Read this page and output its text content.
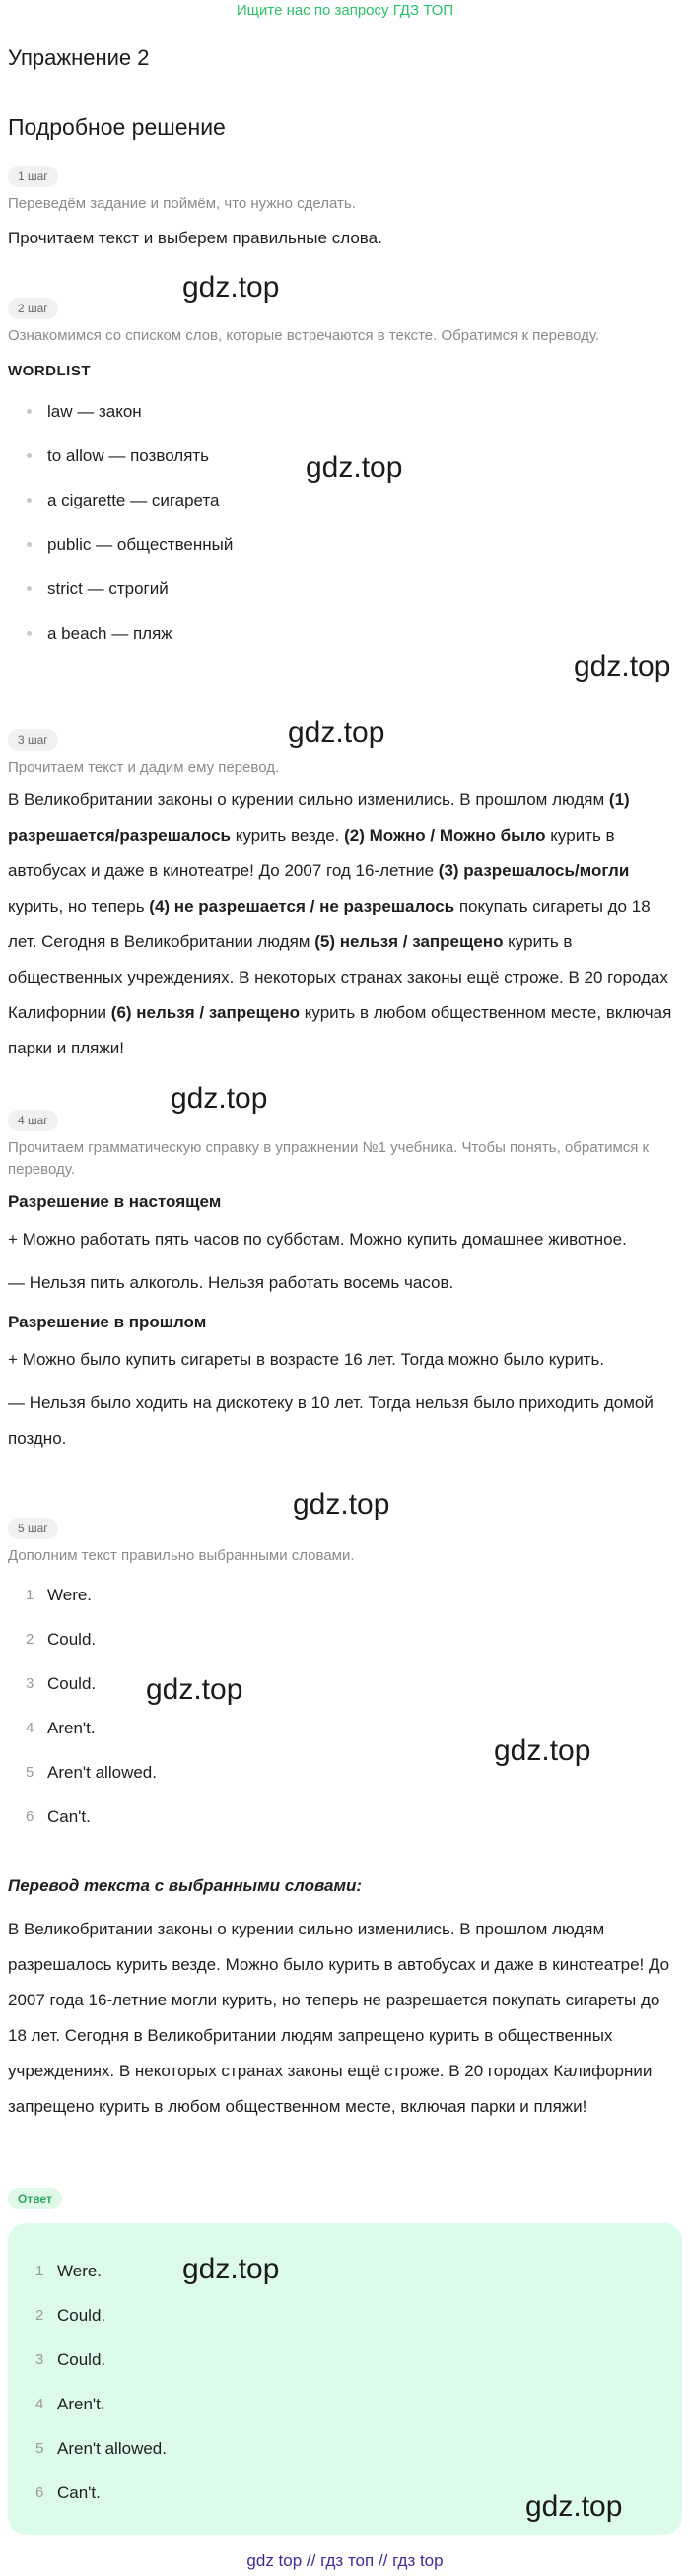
Ищите нас по запросу ГДЗ ТОП
Упражнение 2
Подробное решение
1 шаг

Переведём задание и поймём, что нужно сделать.

Прочитаем текст и выберем правильные слова.

2 шаг

Ознакомимся со списком слов, которые встречаются в тексте. Обратимся к переводу.

WORDLIST

law — закон
to allow — позволять
a cigarette — сигарета
public — общественный
strict — строгий
a beach — пляж
3 шаг

Прочитаем текст и дадим ему перевод.

В Великобритании законы о курении сильно изменились. В прошлом людям (1) разрешается/разрешалось курить везде. (2) Можно / Можно было курить в автобусах и даже в кинотеатре! До 2007 год 16-летние (3) разрешалось/могли курить, но теперь (4) не разрешается / не разрешалось покупать сигареты до 18 лет. Сегодня в Великобритании людям (5) нельзя / запрещено курить в общественных учреждениях. В некоторых странах законы ещё строже. В 20 городах Калифорнии (6) нельзя / запрещено курить в любом общественном месте, включая парки и пляжи!

4 шаг

Прочитаем грамматическую справку в упражнении №1 учебника. Чтобы понять, обратимся к переводу.

Разрешение в настоящем

+ Можно работать пять часов по субботам. Можно купить домашнее животное.

— Нельзя пить алкоголь. Нельзя работать восемь часов.

Разрешение в прошлом

+ Можно было купить сигареты в возрасте 16 лет. Тогда можно было курить.

— Нельзя было ходить на дискотеку в 10 лет. Тогда нельзя было приходить домой поздно.

5 шаг

Дополним текст правильно выбранными словами.

1 Were.
2 Could.
3 Could.
4 Aren't.
5 Aren't allowed.
6 Can't.

Перевод текста с выбранными словами:

В Великобритании законы о курении сильно изменились. В прошлом людям разрешалось курить везде. Можно было курить в автобусах и даже в кинотеатре! До 2007 года 16-летние могли курить, но теперь не разрешается покупать сигареты до 18 лет. Сегодня в Великобритании людям запрещено курить в общественных учреждениях. В некоторых странах законы ещё строже. В 20 городах Калифорнии запрещено курить в любом общественном месте, включая парки и пляжи!

Ответ
1 Were.
2 Could.
3 Could.
4 Aren't.
5 Aren't allowed.
6 Can't.
gdz.top
gdz.top
gdz.top
gdz.top
gdz.top
gdz.top
gdz.top
gdz.top
gdz.top
gdz.top
gdz top // гдз топ // гдз top
